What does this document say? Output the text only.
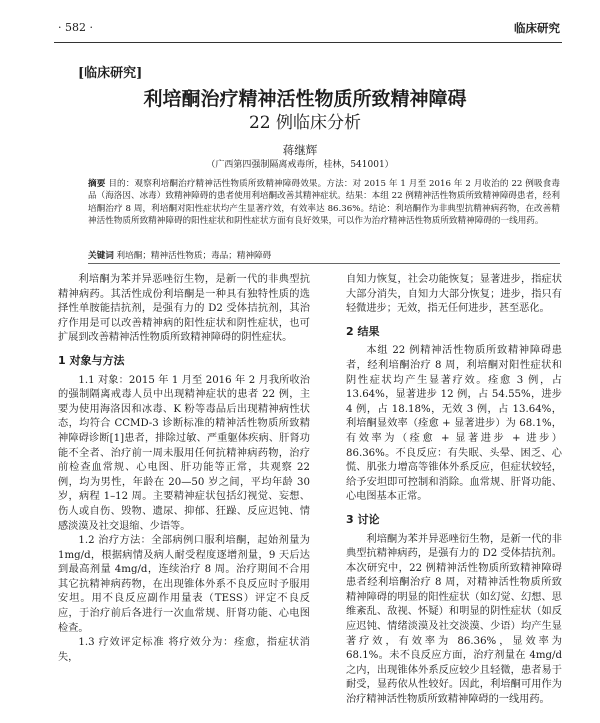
· 582 ·	临床研究
[临床研究]
利培酮治疗精神活性物质所致精神障碍
22 例临床分析
蒋继辉
（广西第四强制隔离戒毒所，桂林，541001）
摘要 目的：观察利培酮治疗精神活性物质所致精神障碍效果。方法：对 2015 年 1 月至 2016 年 2 月收治的 22 例吸食毒品（海洛因、冰毒）致精神障碍的患者使用利培酮改善其精神症状。结果：本组 22 例精神活性物质所致精神障碍患者，经利培酮治疗 8 周，利培酮对阳性症状均产生显著疗效，有效率达 86.36%。结论：利培酮作为非典型抗精神病药物，在改善精神活性物质所致精神障碍的阳性症状和阴性症状方面有良好效果，可以作为治疗精神活性物质所致精神障碍的一线用药。
关键词 利培酮；精神活性物质；毒品；精神障碍

利培酮为苯并异恶唑衍生物，是新一代的非典型抗精神病药。其活性成份利培酮是一种具有独特性质的选择性单胺能拮抗剂，是强有力的 D2 受体拮抗剂，其治疗作用是可以改善精神病的阳性症状和阴性症状，也可扩展到改善精神活性物质所致精神障碍的阴性症状。

1 对象与方法

1.1 对象：2015 年 1 月至 2016 年 2 月我所收治的强制隔离戒毒人员中出现精神症状的患者 22 例，主要为使用海洛因和冰毒、K 粉等毒品后出现精神病性状态，均符合 CCMD-3 诊断标准的精神活性物质所致精神障碍诊断[1]患者，排除过敏、严重躯体疾病、肝肾功能不全者、治疗前一周未服用任何抗精神病药物，治疗前检查血常规、心电图、肝功能等正常，共观察 22 例，均为男性，年龄在 20—50 岁之间，平均年龄 30 岁，病程 1–12 周。主要精神症状包括幻视觉、妄想、伤人或自伤、毁物、遗尿、抑郁、狂躁、反应迟钝、情感淡漠及社交退缩、少语等。

1.2 治疗方法：全部病例口服利培酮，起始剂量为 1mg/d，根据病情及病人耐受程度逐增剂量，9 天后达到最高剂量 4mg/d，连续治疗 8 周。治疗期间不合用其它抗精神病药物，在出现锥体外系不良反应时予服用安坦。用不良反应副作用量表（TESS）评定不良反应，于治疗前后各进行一次血常规、肝肾功能、心电图检查。

1.3 疗效评定标准 将疗效分为：痊愈，指症状消失，

自知力恢复，社会功能恢复；显著进步，指症状大部分消失，自知力大部分恢复；进步，指只有轻微进步；无效，指无任何进步，甚至恶化。

2 结果

本组 22 例精神活性物质所致精神障碍患者，经利培酮治疗 8 周，利培酮对阳性症状和阴性症状均产生显著疗效。痊愈 3 例，占 13.64%，显著进步 12 例，占 54.55%，进步 4 例，占 18.18%，无效 3 例，占 13.64%，利培酮显效率（痊愈 + 显著进步）为 68.1%，有效率为（痊愈 + 显著进步 + 进步）86.36%。不良反应：有失眠、头晕、困乏、心慌、肌张力增高等锥体外系反应，但症状较轻，给予安坦即可控制和消除。血常规、肝肾功能、心电图基本正常。

3 讨论

利培酮为苯并异恶唑衍生物，是新一代的非典型抗精神病药，是强有力的 D2 受体拮抗剂。本次研究中，22 例精神活性物质所致精神障碍患者经利培酮治疗 8 周，对精神活性物质所致精神障碍的明显的阳性症状（如幻觉、幻想、思维紊乱、敌视、怀疑）和明显的阴性症状（如反应迟钝、情绪淡漠及社交淡漠、少语）均产生显著疗效，有效率为 86.36%，显效率为 68.1%。未不良反应方面，治疗剂量在 4mg/d 之内，出现锥体外系反应较少且轻微，患者易于耐受，显药依从性较好。因此，利培酮可用作为治疗精神活性物质所致精神障碍的一线用药。
